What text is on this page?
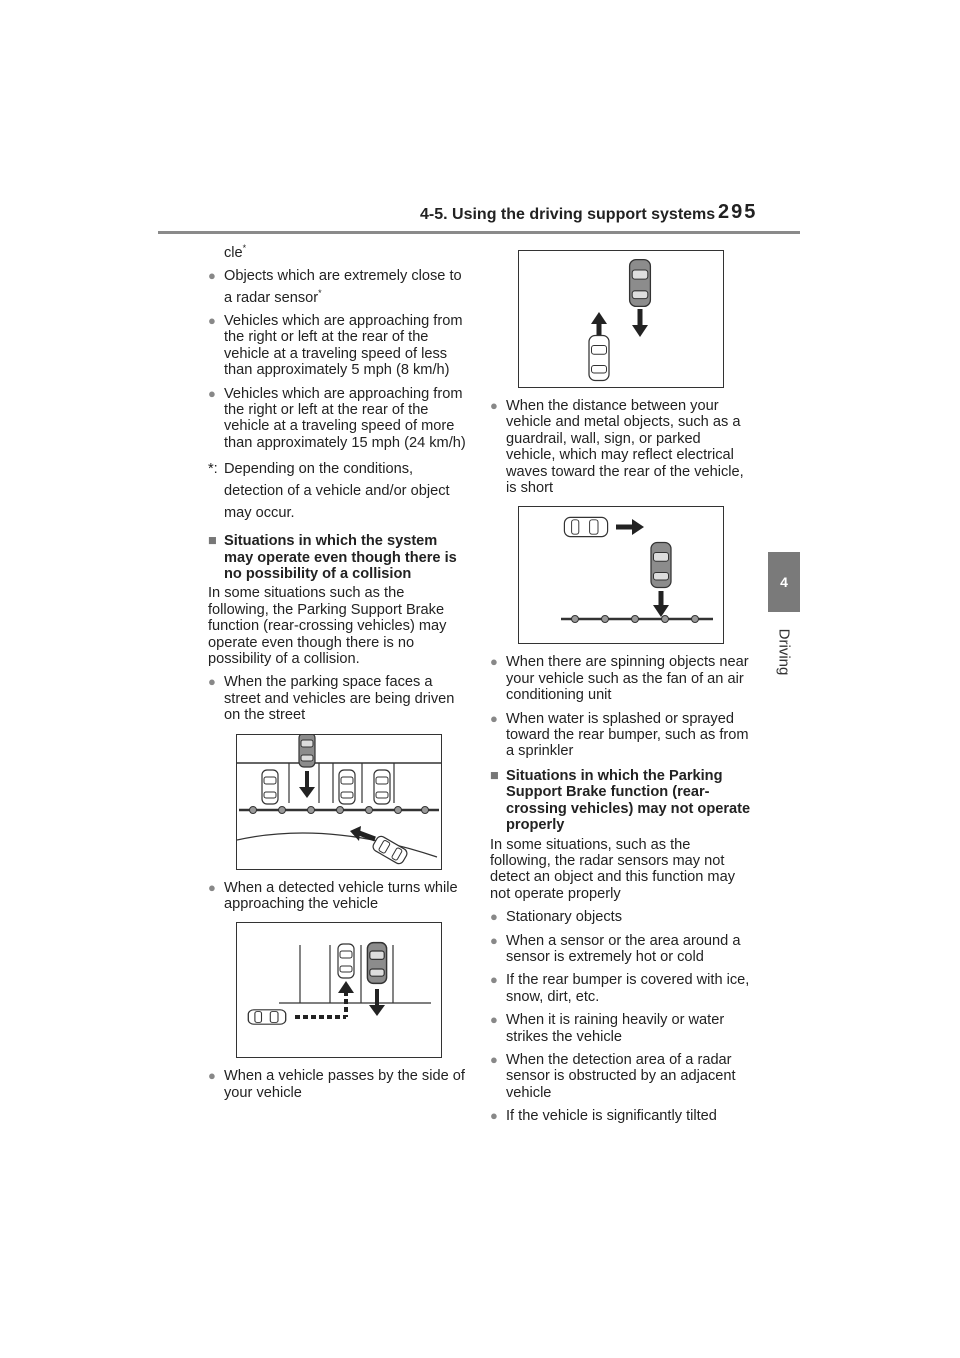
4-5. Using the driving support systems 295
4
Driving
cle*
● Objects which are extremely close to a radar sensor*
● Vehicles which are approaching from the right or left at the rear of the vehicle at a traveling speed of less than approximately 5 mph (8 km/h)
● Vehicles which are approaching from the right or left at the rear of the vehicle at a traveling speed of more than approximately 15 mph (24 km/h)
*: Depending on the conditions, detection of a vehicle and/or object may occur.
■ Situations in which the system may operate even though there is no possibility of a collision
In some situations such as the following, the Parking Support Brake function (rear-crossing vehicles) may operate even though there is no possibility of a collision.
● When the parking space faces a street and vehicles are being driven on the street
● When a detected vehicle turns while approaching the vehicle
● When a vehicle passes by the side of your vehicle
● When the distance between your vehicle and metal objects, such as a guardrail, wall, sign, or parked vehicle, which may reflect electrical waves toward the rear of the vehicle, is short
● When there are spinning objects near your vehicle such as the fan of an air conditioning unit
● When water is splashed or sprayed toward the rear bumper, such as from a sprinkler
■ Situations in which the Parking Support Brake function (rear-crossing vehicles) may not operate properly
In some situations, such as the following, the radar sensors may not detect an object and this function may not operate properly
● Stationary objects
● When a sensor or the area around a sensor is extremely hot or cold
● If the rear bumper is covered with ice, snow, dirt, etc.
● When it is raining heavily or water strikes the vehicle
● When the detection area of a radar sensor is obstructed by an adjacent vehicle
● If the vehicle is significantly tilted
